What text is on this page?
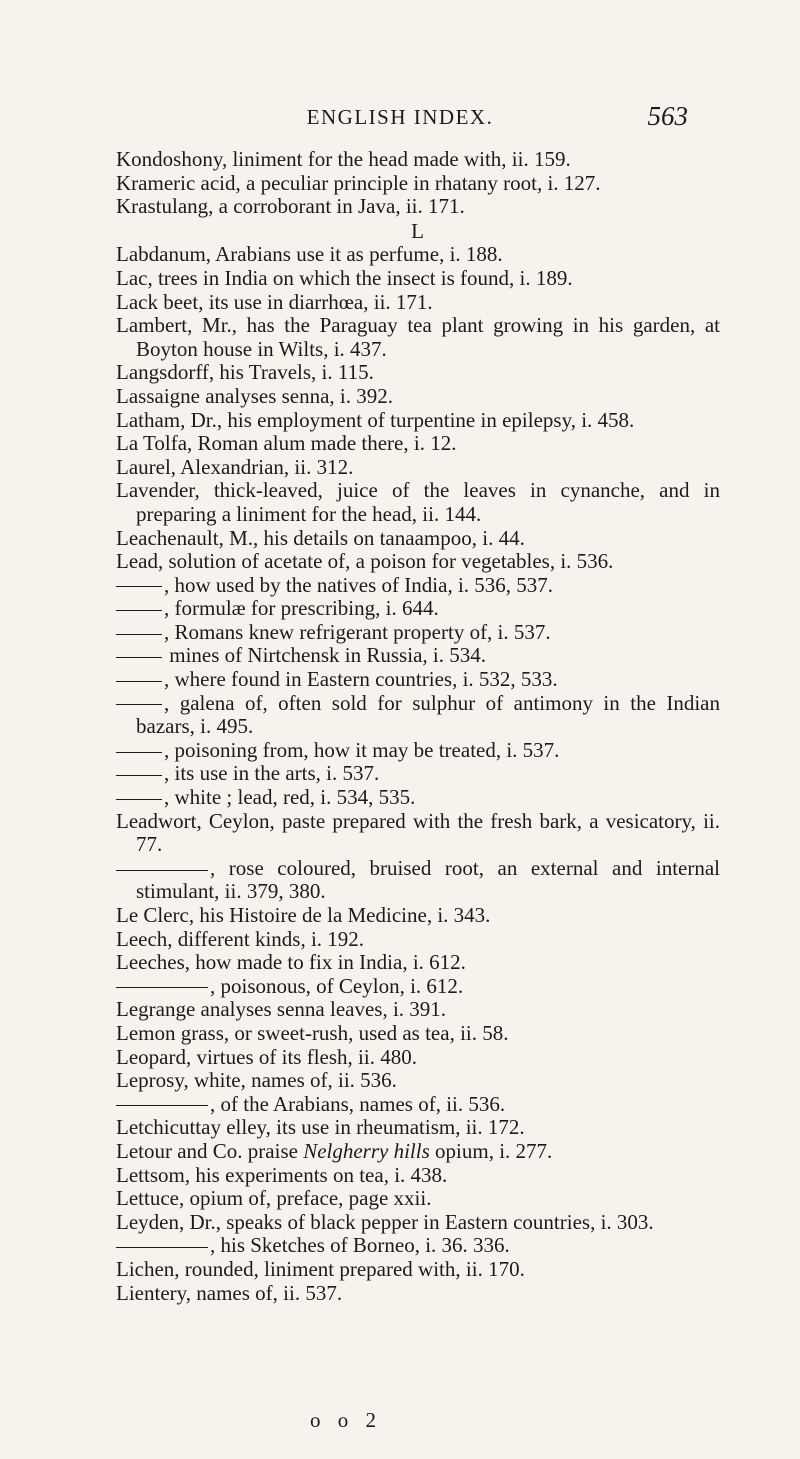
ENGLISH INDEX.	563
Kondoshony, liniment for the head made with, ii. 159.
Krameric acid, a peculiar principle in rhatany root, i. 127.
Krastulang, a corroborant in Java, ii. 171.
L
Labdanum, Arabians use it as perfume, i. 188.
Lac, trees in India on which the insect is found, i. 189.
Lack beet, its use in diarrhœa, ii. 171.
Lambert, Mr., has the Paraguay tea plant growing in his garden, at Boyton house in Wilts, i. 437.
Langsdorff, his Travels, i. 115.
Lassaigne analyses senna, i. 392.
Latham, Dr., his employment of turpentine in epilepsy, i. 458.
La Tolfa, Roman alum made there, i. 12.
Laurel, Alexandrian, ii. 312.
Lavender, thick-leaved, juice of the leaves in cynanche, and in preparing a liniment for the head, ii. 144.
Leachenault, M., his details on tanaampoo, i. 44.
Lead, solution of acetate of, a poison for vegetables, i. 536.
, how used by the natives of India, i. 536, 537.
, formulæ for prescribing, i. 644.
, Romans knew refrigerant property of, i. 537.
mines of Nirtchensk in Russia, i. 534.
, where found in Eastern countries, i. 532, 533.
, galena of, often sold for sulphur of antimony in the Indian bazars, i. 495.
, poisoning from, how it may be treated, i. 537.
, its use in the arts, i. 537.
, white ; lead, red, i. 534, 535.
Leadwort, Ceylon, paste prepared with the fresh bark, a vesicatory, ii. 77.
, rose coloured, bruised root, an external and internal stimulant, ii. 379, 380.
Le Clerc, his Histoire de la Medicine, i. 343.
Leech, different kinds, i. 192.
Leeches, how made to fix in India, i. 612.
, poisonous, of Ceylon, i. 612.
Legrange analyses senna leaves, i. 391.
Lemon grass, or sweet-rush, used as tea, ii. 58.
Leopard, virtues of its flesh, ii. 480.
Leprosy, white, names of, ii. 536.
, of the Arabians, names of, ii. 536.
Letchicuttay elley, its use in rheumatism, ii. 172.
Letour and Co. praise Nelgherry hills opium, i. 277.
Lettsom, his experiments on tea, i. 438.
Lettuce, opium of, preface, page xxii.
Leyden, Dr., speaks of black pepper in Eastern countries, i. 303.
, his Sketches of Borneo, i. 36. 336.
Lichen, rounded, liniment prepared with, ii. 170.
Lientery, names of, ii. 537.
o o 2
